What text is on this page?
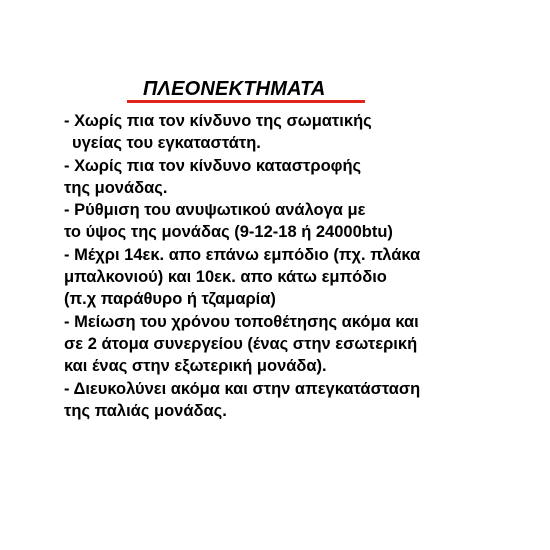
ΠΛΕΟΝΕΚΤΗΜΑΤΑ
- Χωρίς πια τον κίνδυνο της σωματικής
υγείας του εγκαταστάτη.
- Χωρίς πια τον κίνδυνο καταστροφής
της μονάδας.
- Ρύθμιση του ανυψωτικού ανάλογα με
το ύψος της μονάδας (9-12-18 ή 24000btu)
- Μέχρι 14εκ. απο επάνω εμπόδιο (πχ. πλάκα
μπαλκονιού) και 10εκ. απο κάτω εμπόδιο
(π.χ παράθυρο ή τζαμαρία)
- Μείωση του χρόνου τοποθέτησης ακόμα και
σε 2 άτομα συνεργείου (ένας στην εσωτερική
και ένας στην εξωτερική μονάδα).
- Διευκολύνει ακόμα και στην απεγκατάσταση
της παλιάς μονάδας.
